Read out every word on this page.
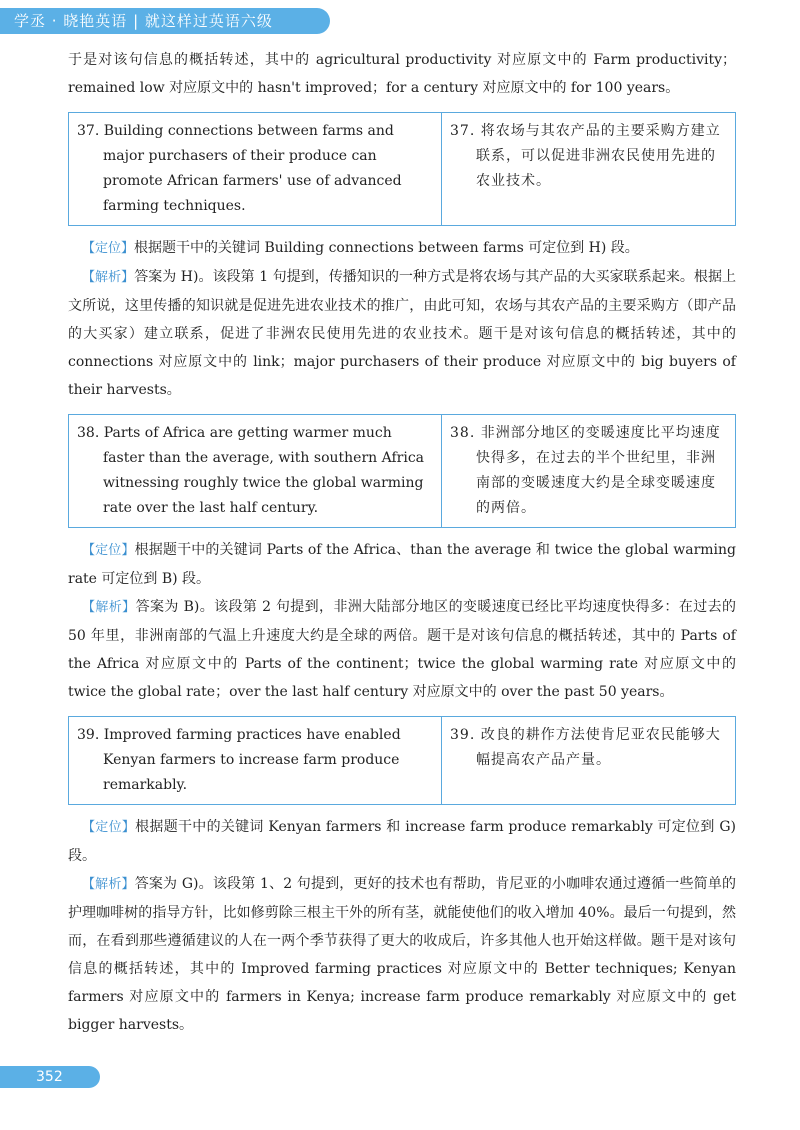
学丞 · 晓艳英语 | 就这样过英语六级

于是对该句信息的概括转述，其中的 agricultural productivity 对应原文中的 Farm productivity；remained low 对应原文中的 hasn't improved；for a century 对应原文中的 for 100 years。

37. Building connections between farms and major purchasers of their produce can promote African farmers' use of advanced farming techniques.
37. 将农场与其农产品的主要采购方建立联系，可以促进非洲农民使用先进的农业技术。

【定位】根据题干中的关键词 Building connections between farms 可定位到 H) 段。

【解析】答案为 H)。该段第 1 句提到，传播知识的一种方式是将农场与其产品的大买家联系起来。根据上文所说，这里传播的知识就是促进先进农业技术的推广，由此可知，农场与其农产品的主要采购方（即产品的大买家）建立联系，促进了非洲农民使用先进的农业技术。题干是对该句信息的概括转述，其中的 connections 对应原文中的 link；major purchasers of their produce 对应原文中的 big buyers of their harvests。

38. Parts of Africa are getting warmer much faster than the average, with southern Africa witnessing roughly twice the global warming rate over the last half century.
38. 非洲部分地区的变暖速度比平均速度快得多，在过去的半个世纪里，非洲南部的变暖速度大约是全球变暖速度的两倍。

【定位】根据题干中的关键词 Parts of the Africa、than the average 和 twice the global warming rate 可定位到 B) 段。

【解析】答案为 B)。该段第 2 句提到，非洲大陆部分地区的变暖速度已经比平均速度快得多：在过去的 50 年里，非洲南部的气温上升速度大约是全球的两倍。题干是对该句信息的概括转述，其中的 Parts of the Africa 对应原文中的 Parts of the continent；twice the global warming rate 对应原文中的 twice the global rate；over the last half century 对应原文中的 over the past 50 years。

39. Improved farming practices have enabled Kenyan farmers to increase farm produce remarkably.
39. 改良的耕作方法使肯尼亚农民能够大幅提高农产品产量。

【定位】根据题干中的关键词 Kenyan farmers 和 increase farm produce remarkably 可定位到 G) 段。

【解析】答案为 G)。该段第 1、2 句提到，更好的技术也有帮助，肯尼亚的小咖啡农通过遵循一些简单的护理咖啡树的指导方针，比如修剪除三根主干外的所有茎，就能使他们的收入增加 40%。最后一句提到，然而，在看到那些遵循建议的人在一两个季节获得了更大的收成后，许多其他人也开始这样做。题干是对该句信息的概括转述，其中的 Improved farming practices 对应原文中的 Better techniques; Kenyan farmers 对应原文中的 farmers in Kenya; increase farm produce remarkably 对应原文中的 get bigger harvests。

352
